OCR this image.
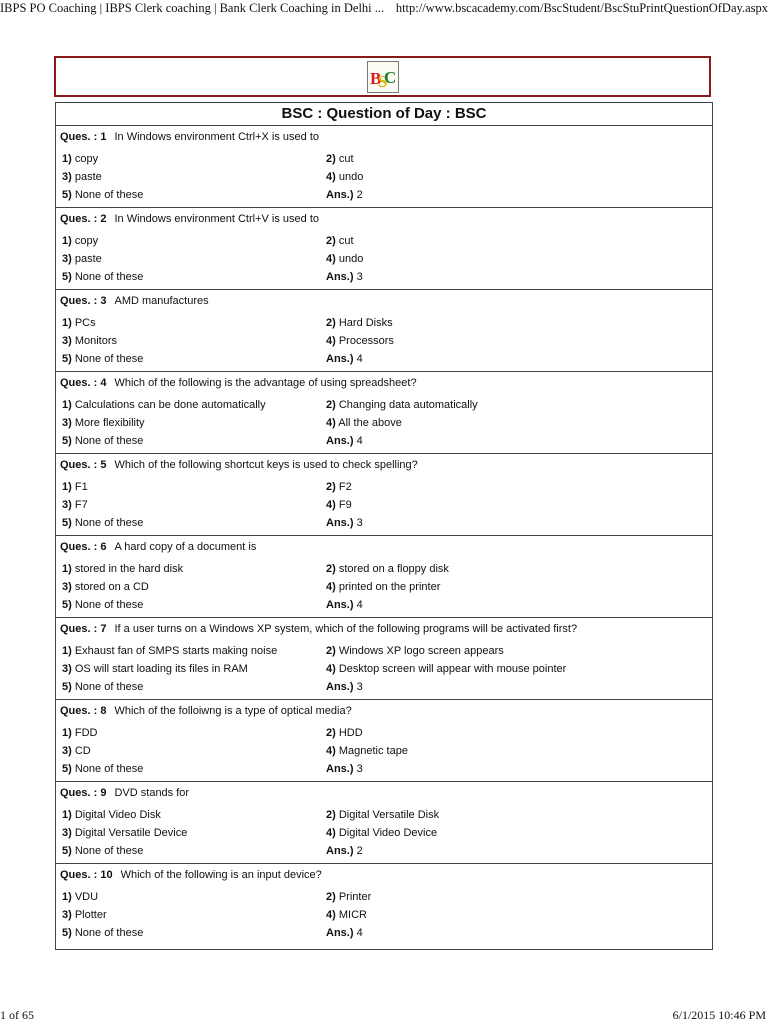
IBPS PO Coaching | IBPS Clerk coaching | Bank Clerk Coaching in Delhi ... http://www.bscacademy.com/BscStudent/BscStuPrintQuestionOfDay.aspx
B
S
C
BSC : Question of Day : BSC
Ques. : 1 In Windows environment Ctrl+X is used to
1) copy	2) cut
3) paste	4) undo
5) None of these	Ans.) 2
Ques. : 2 In Windows environment Ctrl+V is used to
1) copy	2) cut
3) paste	4) undo
5) None of these	Ans.) 3
Ques. : 3 AMD manufactures
1) PCs	2) Hard Disks
3) Monitors	4) Processors
5) None of these	Ans.) 4
Ques. : 4 Which of the following is the advantage of using spreadsheet?
1) Calculations can be done automatically	2) Changing data automatically
3) More flexibility	4) All the above
5) None of these	Ans.) 4
Ques. : 5 Which of the following shortcut keys is used to check spelling?
1) F1	2) F2
3) F7	4) F9
5) None of these	Ans.) 3
Ques. : 6 A hard copy of a document is
1) stored in the hard disk	2) stored on a floppy disk
3) stored on a CD	4) printed on the printer
5) None of these	Ans.) 4
Ques. : 7 If a user turns on a Windows XP system, which of the following programs will be activated first?
1) Exhaust fan of SMPS starts making noise	2) Windows XP logo screen appears
3) OS will start loading its files in RAM	4) Desktop screen will appear with mouse pointer
5) None of these	Ans.) 3
Ques. : 8 Which of the folloiwng is a type of optical media?
1) FDD	2) HDD
3) CD	4) Magnetic tape
5) None of these	Ans.) 3
Ques. : 9 DVD stands for
1) Digital Video Disk	2) Digital Versatile Disk
3) Digital Versatile Device	4) Digital Video Device
5) None of these	Ans.) 2
Ques. : 10 Which of the following is an input device?
1) VDU	2) Printer
3) Plotter	4) MICR
5) None of these	Ans.) 4
1 of 65	6/1/2015 10:46 PM
